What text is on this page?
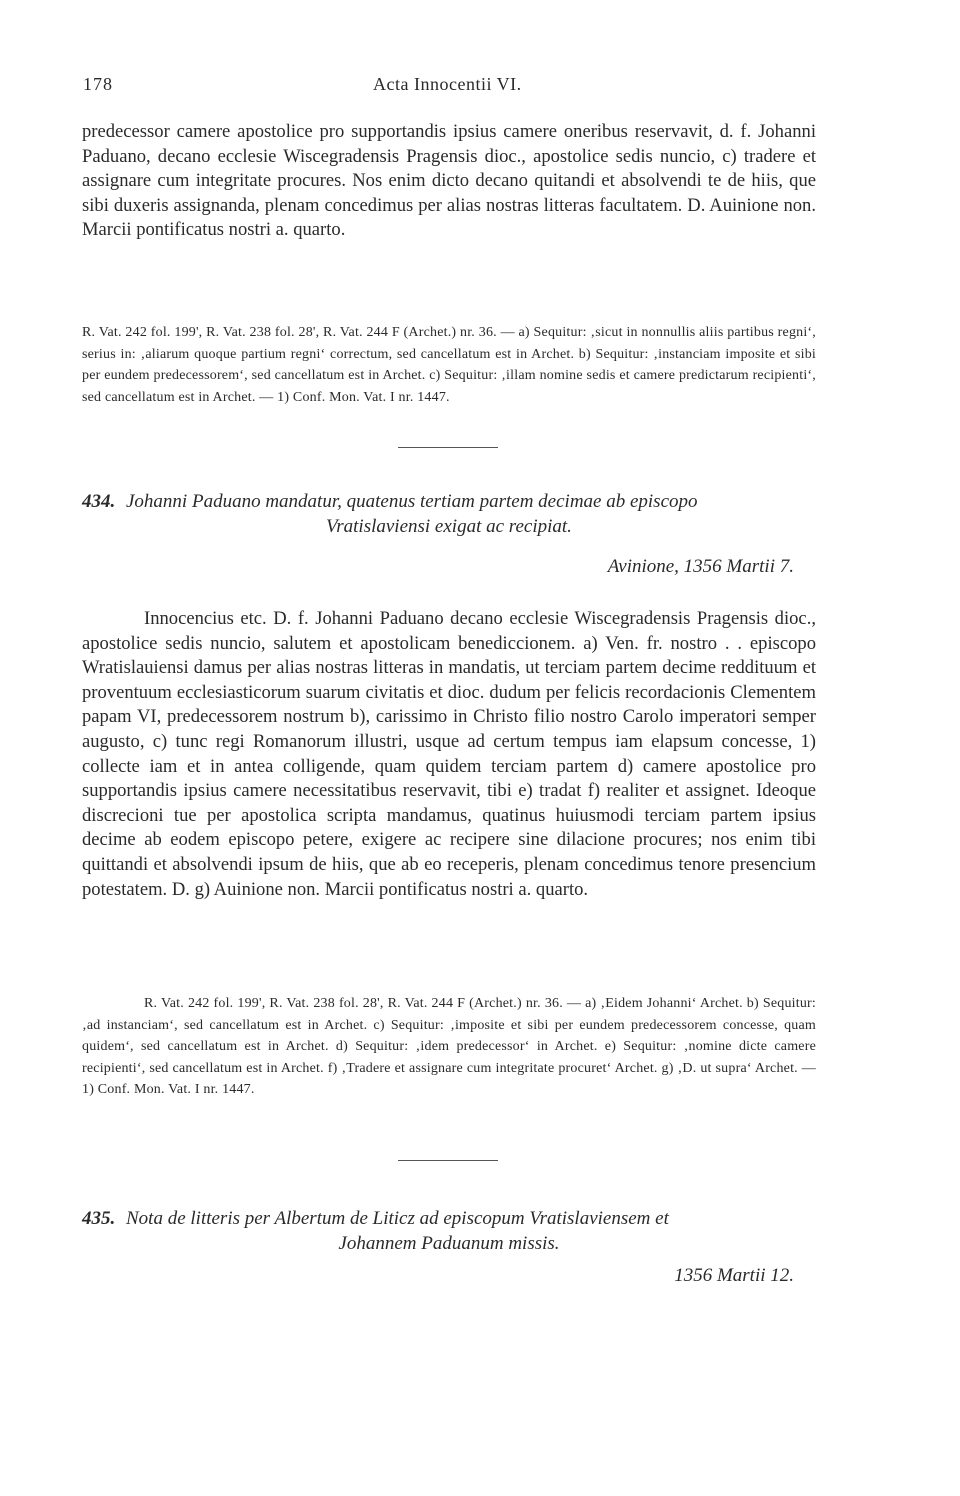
178	Acta Innocentii VI.

predecessor camere apostolice pro supportandis ipsius camere oneribus reservavit, d. f. Johanni Paduano, decano ecclesie Wiscegradensis Pragensis dioc., apostolice sedis nuncio, c) tradere et assignare cum integritate procures. Nos enim dicto decano quitandi et absolvendi te de hiis, que sibi duxeris assignanda, plenam concedimus per alias nostras litteras facultatem. D. Auinione non. Marcii pontificatus nostri a. quarto.

R. Vat. 242 fol. 199', R. Vat. 238 fol. 28', R. Vat. 244 F (Archet.) nr. 36. — a) Sequitur: ‚sicut in nonnullis aliis partibus regni‘, serius in: ‚aliarum quoque partium regni‘ correctum, sed cancellatum est in Archet. b) Sequitur: ‚instanciam imposite et sibi per eundem predecessorem‘, sed cancellatum est in Archet. c) Sequitur: ‚illam nomine sedis et camere predictarum recipienti‘, sed cancellatum est in Archet. — 1) Conf. Mon. Vat. I nr. 1447.

434. Johanni Paduano mandatur, quatenus tertiam partem decimae ab episcopo
Vratislaviensi exigat ac recipiat.
Avinione, 1356 Martii 7.

Innocencius etc. D. f. Johanni Paduano decano ecclesie Wiscegradensis Pragensis dioc., apostolice sedis nuncio, salutem et apostolicam benediccionem. a) Ven. fr. nostro . . episcopo Wratislauiensi damus per alias nostras litteras in mandatis, ut terciam partem decime reddituum et proventuum ecclesiasticorum suarum civitatis et dioc. dudum per felicis recordacionis Clementem papam VI, predecessorem nostrum b), carissimo in Christo filio nostro Carolo imperatori semper augusto, c) tunc regi Romanorum illustri, usque ad certum tempus iam elapsum concesse, 1) collecte iam et in antea colligende, quam quidem terciam partem d) camere apostolice pro supportandis ipsius camere necessitatibus reservavit, tibi e) tradat f) realiter et assignet. Ideoque discrecioni tue per apostolica scripta mandamus, quatinus huiusmodi terciam partem ipsius decime ab eodem episcopo petere, exigere ac recipere sine dilacione procures; nos enim tibi quittandi et absolvendi ipsum de hiis, que ab eo receperis, plenam concedimus tenore presencium potestatem. D. g) Auinione non. Marcii pontificatus nostri a. quarto.

R. Vat. 242 fol. 199', R. Vat. 238 fol. 28', R. Vat. 244 F (Archet.) nr. 36. — a) ‚Eidem Johanni‘ Archet. b) Sequitur: ‚ad instanciam‘, sed cancellatum est in Archet. c) Sequitur: ‚imposite et sibi per eundem predecessorem concesse, quam quidem‘, sed cancellatum est in Archet. d) Sequitur: ‚idem predecessor‘ in Archet. e) Sequitur: ‚nomine dicte camere recipienti‘, sed cancellatum est in Archet. f) ‚Tradere et assignare cum integritate procuret‘ Archet. g) ‚D. ut supra‘ Archet. — 1) Conf. Mon. Vat. I nr. 1447.

435. Nota de litteris per Albertum de Liticz ad episcopum Vratislaviensem et
Johannem Paduanum missis.
1356 Martii 12.
